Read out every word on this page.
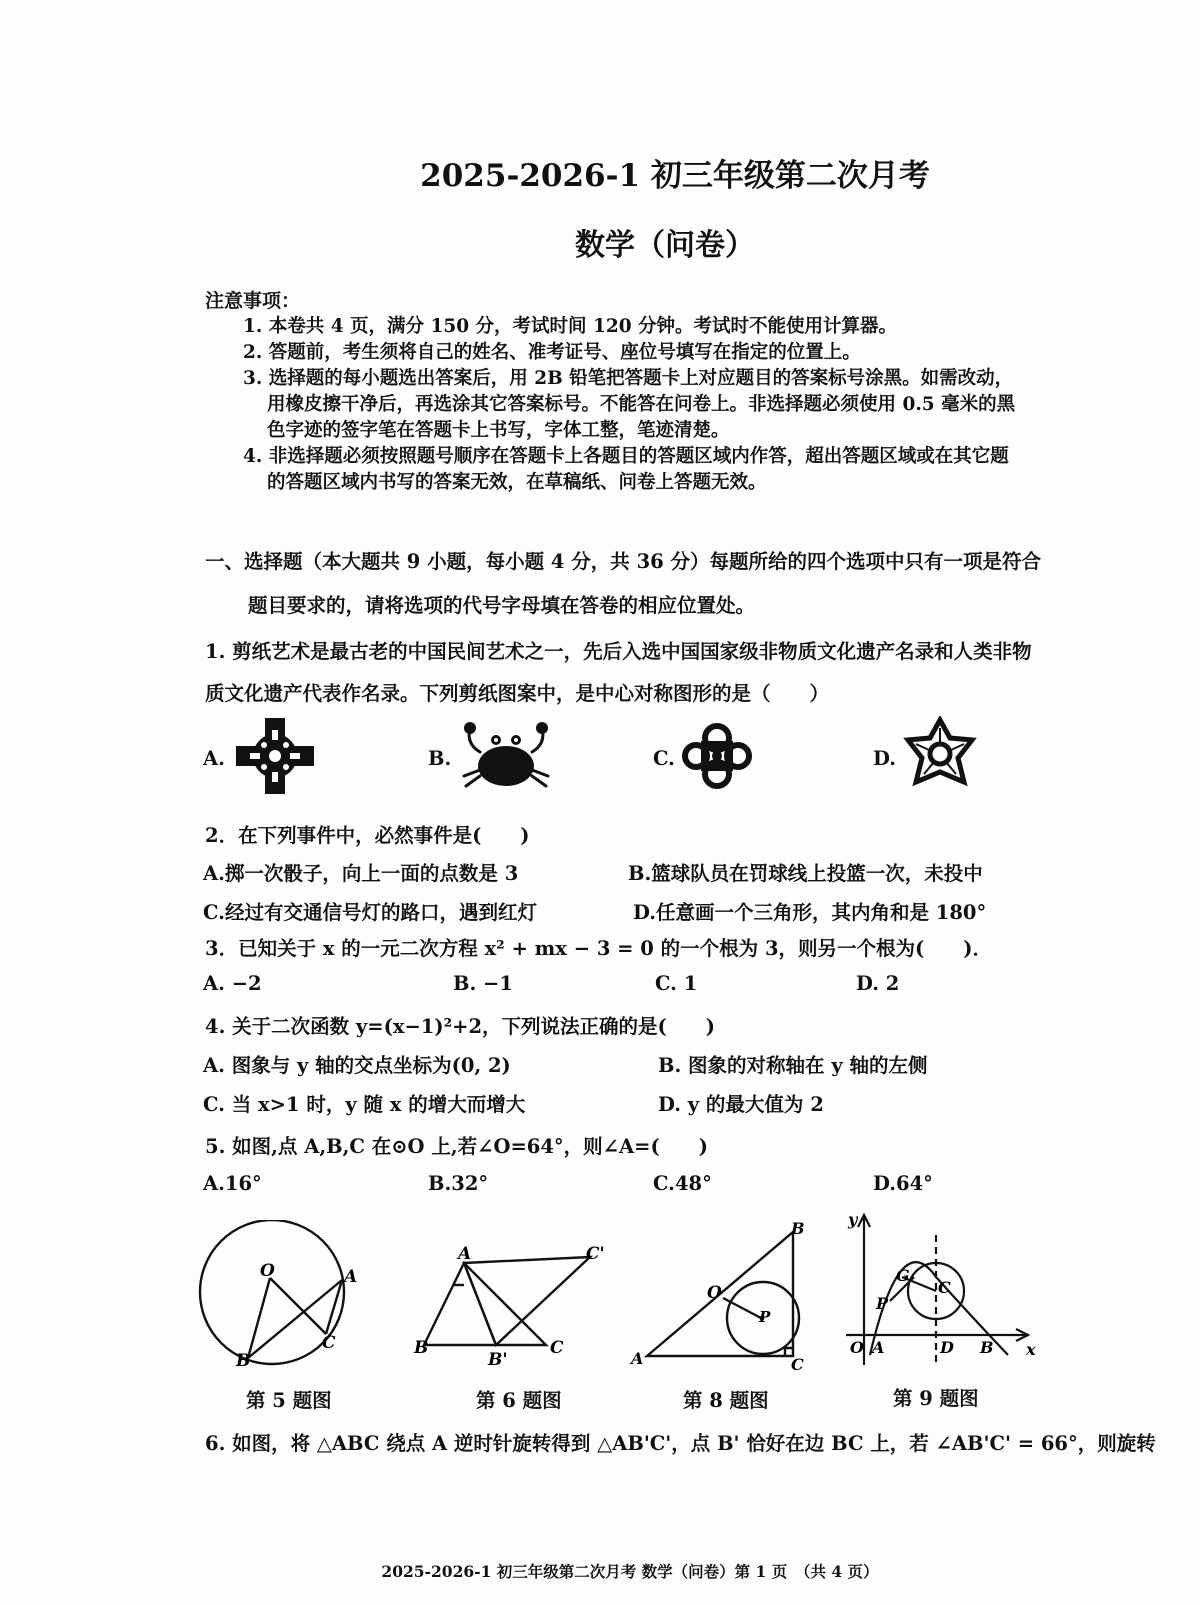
2025-2026-1 初三年级第二次月考
数学（问卷）
注意事项：
1. 本卷共 4 页，满分 150 分，考试时间 120 分钟。考试时不能使用计算器。
2. 答题前，考生须将自己的姓名、准考证号、座位号填写在指定的位置上。
3. 选择题的每小题选出答案后，用 2B 铅笔把答题卡上对应题目的答案标号涂黑。如需改动，
用橡皮擦干净后，再选涂其它答案标号。不能答在问卷上。非选择题必须使用 0.5 毫米的黑
色字迹的签字笔在答题卡上书写，字体工整，笔迹清楚。
4. 非选择题必须按照题号顺序在答题卡上各题目的答题区域内作答，超出答题区域或在其它题
的答题区域内书写的答案无效，在草稿纸、问卷上答题无效。
一、选择题（本大题共 9 小题，每小题 4 分，共 36 分）每题所给的四个选项中只有一项是符合
题目要求的，请将选项的代号字母填在答卷的相应位置处。
1. 剪纸艺术是最古老的中国民间艺术之一，先后入选中国国家级非物质文化遗产名录和人类非物
质文化遗产代表作名录。下列剪纸图案中，是中心对称图形的是（　　）
A.	B.	C.	D.
2．在下列事件中，必然事件是(　　)
A.掷一次骰子，向上一面的点数是 3	B.篮球队员在罚球线上投篮一次，未投中
C.经过有交通信号灯的路口，遇到红灯	D.任意画一个三角形，其内角和是 180°
3．已知关于 x 的一元二次方程 x² + mx − 3 = 0 的一个根为 3，则另一个根为(　　)．
A. −2	B. −1	C. 1	D. 2
4. 关于二次函数 y=(x−1)²+2，下列说法正确的是(　　)
A. 图象与 y 轴的交点坐标为(0, 2)	B. 图象的对称轴在 y 轴的左侧
C. 当 x>1 时，y 随 x 的增大而增大	D. y 的最大值为 2
5. 如图,点 A,B,C 在⊙O 上,若∠O=64°，则∠A=(　　)
A.16°	B.32°	C.48°	D.64°
O	A
B
C
第 5 题图
A	C'
B
B'
C
第 6 题图
B
O
P
A	C
第 8 题图
y
G
C
P
O A	D B x
第 9 题图
6. 如图，将 △ABC 绕点 A 逆时针旋转得到 △AB'C'，点 B' 恰好在边 BC 上，若 ∠AB'C' = 66°，则旋转
2025-2026-1 初三年级第二次月考 数学（问卷）第 1 页　（共 4 页）
